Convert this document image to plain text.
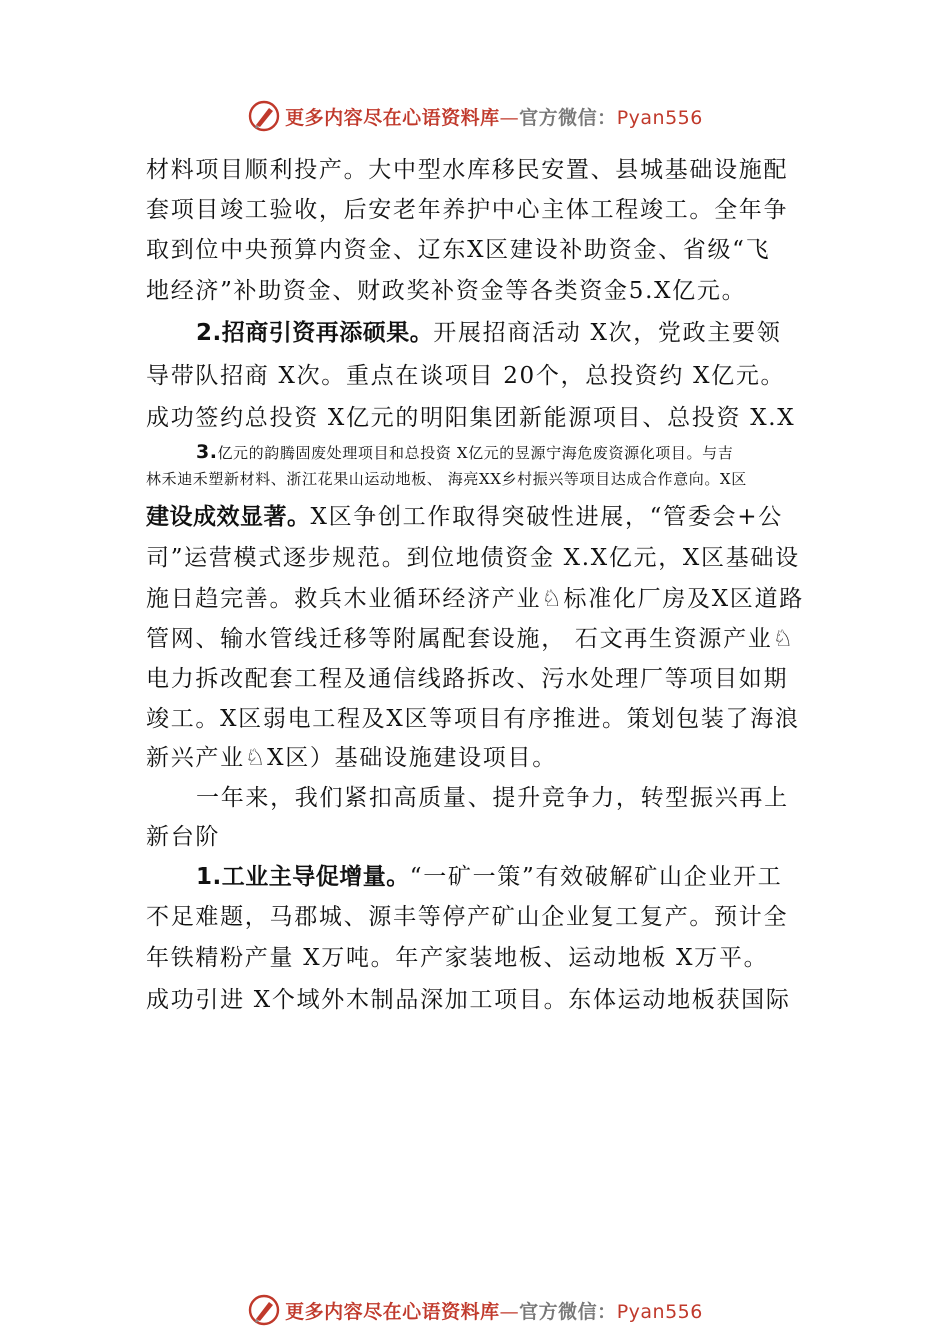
更多内容尽在心语资料库—官方微信：Pyan556
材料项目顺利投产。大中型水库移民安置、县城基础设施配
套项目竣工验收，后安老年养护中心主体工程竣工。全年争
取到位中央预算内资金、辽东X区建设补助资金、省级“飞
地经济”补助资金、财政奖补资金等各类资金5.X亿元。
2.招商引资再添硕果。开展招商活动 X次，党政主要领
导带队招商 X次。重点在谈项目 20个，总投资约 X亿元。
成功签约总投资 X亿元的明阳集团新能源项目、总投资 X.X
3.亿元的韵腾固废处理项目和总投资 X亿元的昱源宁海危废资源化项目。与吉
林禾迪禾塑新材料、浙江花果山运动地板、 海亮XX乡村振兴等项目达成合作意向。X区
建设成效显著。X区争创工作取得突破性进展，“管委会+公
司”运营模式逐步规范。到位地债资金 X.X亿元，X区基础设
施日趋完善。救兵木业循环经济产业♘标准化厂房及X区道路
管网、输水管线迁移等附属配套设施， 石文再生资源产业♘
电力拆改配套工程及通信线路拆改、污水处理厂等项目如期
竣工。X区弱电工程及X区等项目有序推进。策划包装了海浪
新兴产业♘X区）基础设施建设项目。
一年来，我们紧扣高质量、提升竞争力，转型振兴再上
新台阶
1.工业主导促增量。“一矿一策”有效破解矿山企业开工
不足难题，马郡城、源丰等停产矿山企业复工复产。预计全
年铁精粉产量 X万吨。年产家装地板、运动地板 X万平。
成功引进 X个域外木制品深加工项目。东体运动地板获国际
更多内容尽在心语资料库—官方微信：Pyan556
